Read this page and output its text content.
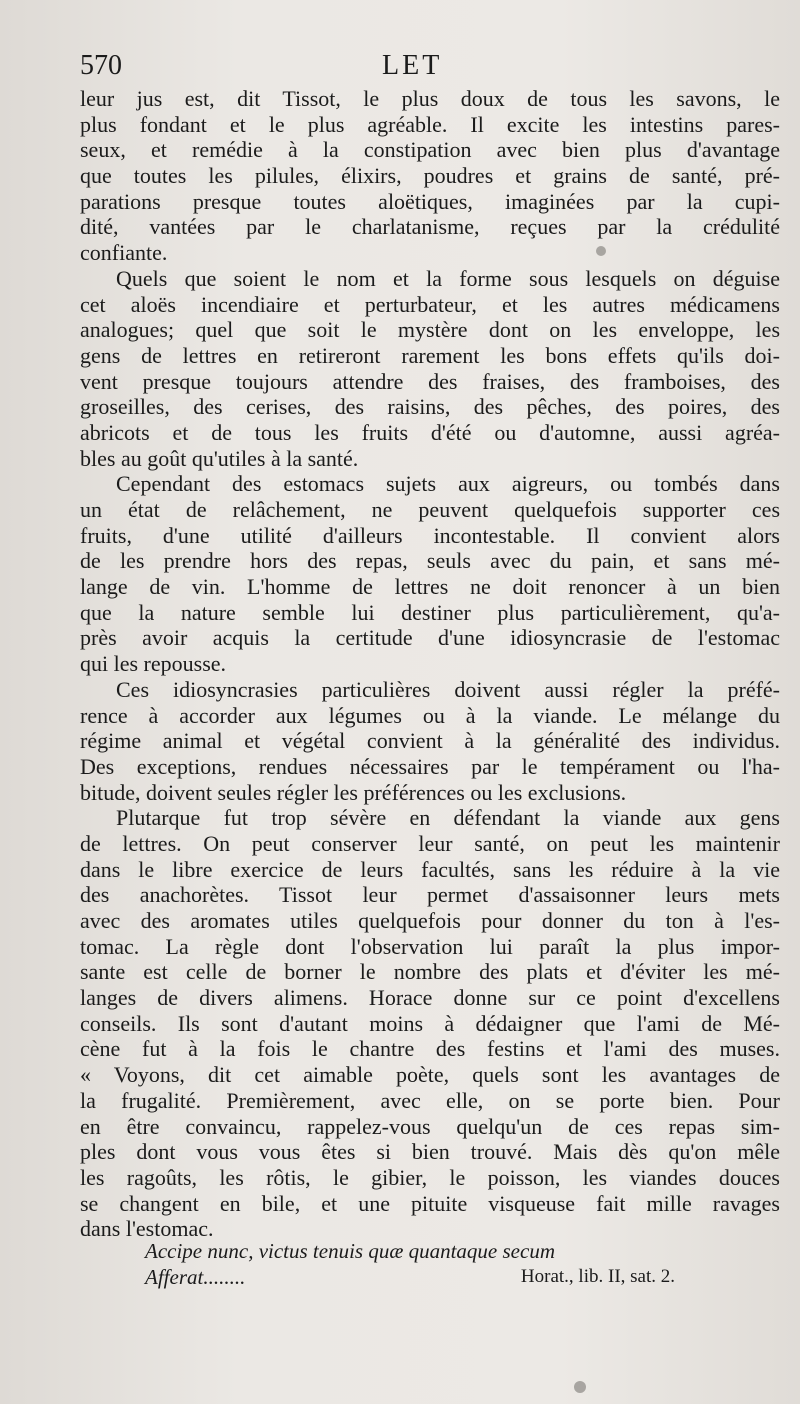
570	LET
leur jus est, dit Tissot, le plus doux de tous les savons, le
plus fondant et le plus agréable. Il excite les intestins pares-
seux, et remédie à la constipation avec bien plus d'avantage
que toutes les pilules, élixirs, poudres et grains de santé, pré-
parations presque toutes aloëtiques, imaginées par la cupi-
dité, vantées par le charlatanisme, reçues par la crédulité
confiante.
Quels que soient le nom et la forme sous lesquels on déguise
cet aloës incendiaire et perturbateur, et les autres médicamens
analogues; quel que soit le mystère dont on les enveloppe, les
gens de lettres en retireront rarement les bons effets qu'ils doi-
vent presque toujours attendre des fraises, des framboises, des
groseilles, des cerises, des raisins, des pêches, des poires, des
abricots et de tous les fruits d'été ou d'automne, aussi agréa-
bles au goût qu'utiles à la santé.
Cependant des estomacs sujets aux aigreurs, ou tombés dans
un état de relâchement, ne peuvent quelquefois supporter ces
fruits, d'une utilité d'ailleurs incontestable. Il convient alors
de les prendre hors des repas, seuls avec du pain, et sans mé-
lange de vin. L'homme de lettres ne doit renoncer à un bien
que la nature semble lui destiner plus particulièrement, qu'a-
près avoir acquis la certitude d'une idiosyncrasie de l'estomac
qui les repousse.
Ces idiosyncrasies particulières doivent aussi régler la préfé-
rence à accorder aux légumes ou à la viande. Le mélange du
régime animal et végétal convient à la généralité des individus.
Des exceptions, rendues nécessaires par le tempérament ou l'ha-
bitude, doivent seules régler les préférences ou les exclusions.
Plutarque fut trop sévère en défendant la viande aux gens
de lettres. On peut conserver leur santé, on peut les maintenir
dans le libre exercice de leurs facultés, sans les réduire à la vie
des anachorètes. Tissot leur permet d'assaisonner leurs mets
avec des aromates utiles quelquefois pour donner du ton à l'es-
tomac. La règle dont l'observation lui paraît la plus impor-
sante est celle de borner le nombre des plats et d'éviter les mé-
langes de divers alimens. Horace donne sur ce point d'excellens
conseils. Ils sont d'autant moins à dédaigner que l'ami de Mé-
cène fut à la fois le chantre des festins et l'ami des muses.
« Voyons, dit cet aimable poète, quels sont les avantages de
la frugalité. Premièrement, avec elle, on se porte bien. Pour
en être convaincu, rappelez-vous quelqu'un de ces repas sim-
ples dont vous vous êtes si bien trouvé. Mais dès qu'on mêle
les ragoûts, les rôtis, le gibier, le poisson, les viandes douces
se changent en bile, et une pituite visqueuse fait mille ravages
dans l'estomac.
Accipe nunc, victus tenuis quæ quantaque secum
Afferat........	Horat., lib. II, sat. 2.
